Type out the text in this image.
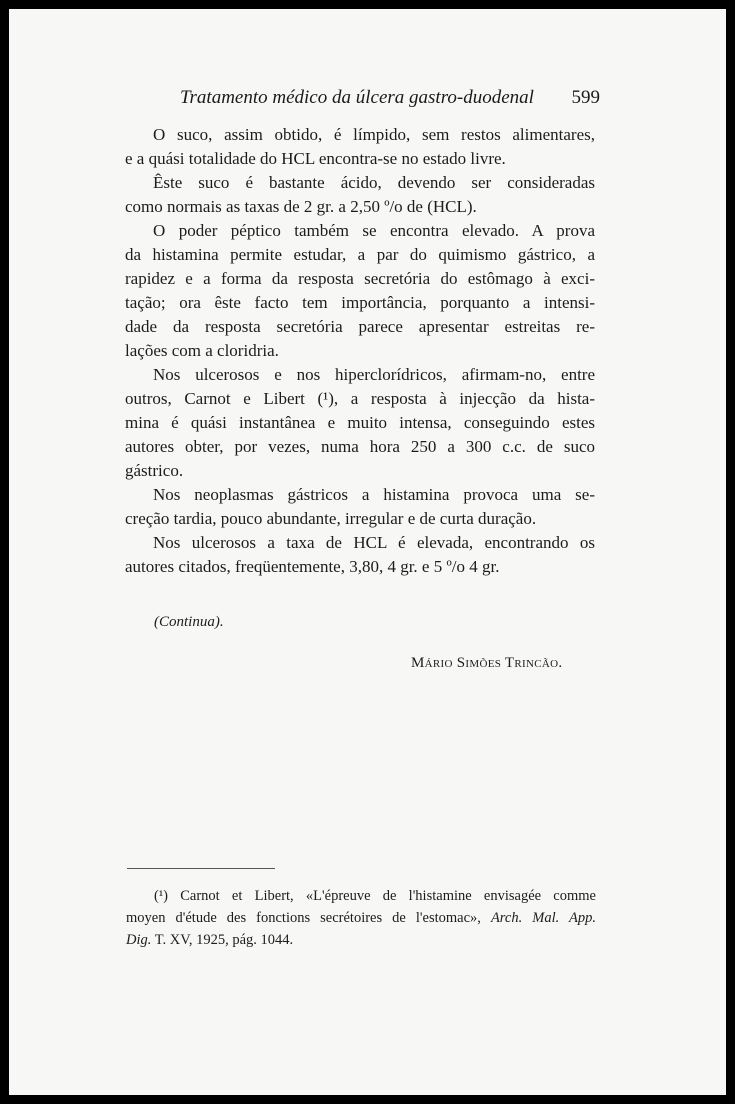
Tratamento médico da úlcera gastro-duodenal 599
O suco, assim obtido, é límpido, sem restos alimentares,
e a quási totalidade do HCL encontra-se no estado livre.
Êste suco é bastante ácido, devendo ser consideradas
como normais as taxas de 2 gr. a 2,50 º/o de (HCL).
O poder péptico também se encontra elevado. A prova
da histamina permite estudar, a par do quimismo gástrico, a
rapidez e a forma da resposta secretória do estômago à exci-
tação; ora êste facto tem importância, porquanto a intensi-
dade da resposta secretória parece apresentar estreitas re-
lações com a cloridria.
Nos ulcerosos e nos hiperclorídricos, afirmam-no, entre
outros, Carnot e Libert (¹), a resposta à injecção da hista-
mina é quási instantânea e muito intensa, conseguindo estes
autores obter, por vezes, numa hora 250 a 300 c.c. de suco
gástrico.
Nos neoplasmas gástricos a histamina provoca uma se-
creção tardia, pouco abundante, irregular e de curta duração.
Nos ulcerosos a taxa de HCL é elevada, encontrando os
autores citados, freqüentemente, 3,80, 4 gr. e 5 º/o 4 gr.
(Continua).
Mário Simões Trincão.
(¹) Carnot et Libert, «L'épreuve de l'histamine envisagée comme
moyen d'étude des fonctions secrétoires de l'estomac», Arch. Mal. App.
Dig. T. XV, 1925, pág. 1044.
